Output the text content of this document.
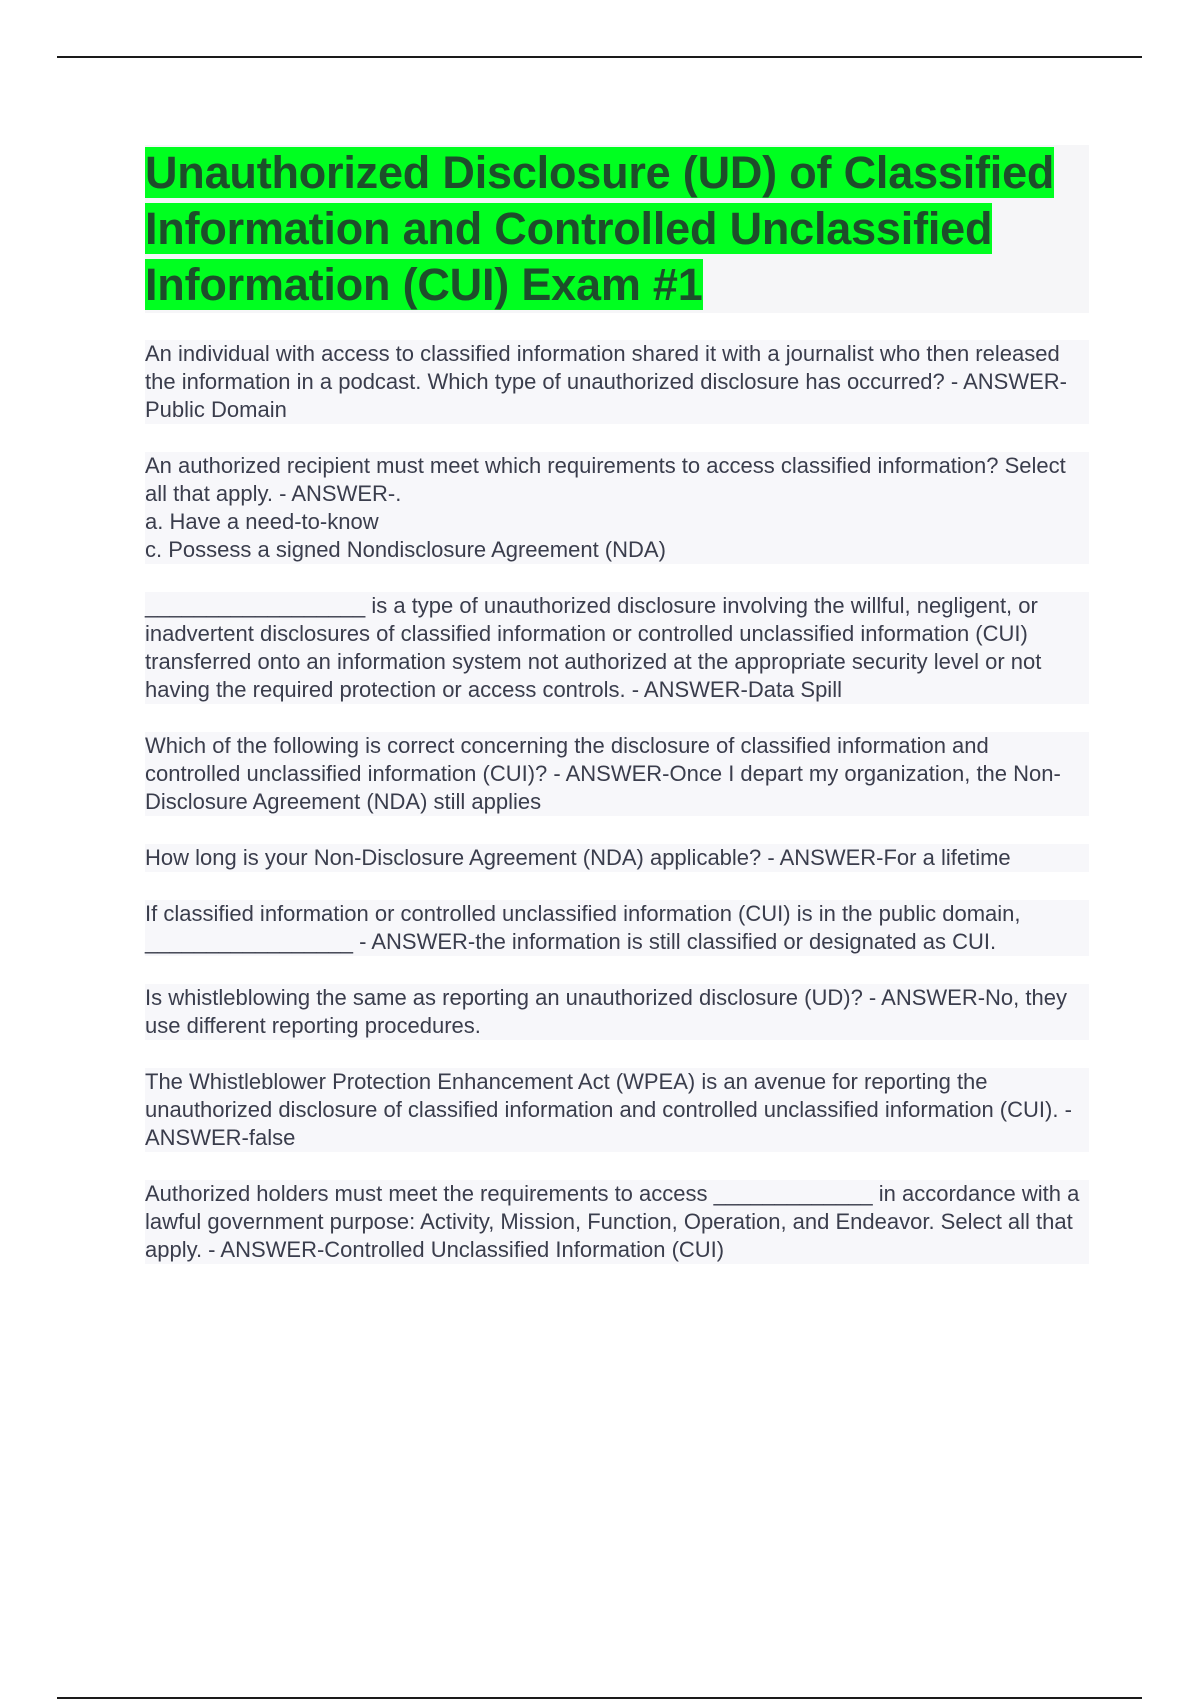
Unauthorized Disclosure (UD) of Classified Information and Controlled Unclassified Information (CUI) Exam #1

An individual with access to classified information shared it with a journalist who then released the information in a podcast. Which type of unauthorized disclosure has occurred? - ANSWER-Public Domain

An authorized recipient must meet which requirements to access classified information? Select all that apply. - ANSWER-.
a. Have a need-to-know
c. Possess a signed Nondisclosure Agreement (NDA)

__________________ is a type of unauthorized disclosure involving the willful, negligent, or inadvertent disclosures of classified information or controlled unclassified information (CUI) transferred onto an information system not authorized at the appropriate security level or not having the required protection or access controls. - ANSWER-Data Spill

Which of the following is correct concerning the disclosure of classified information and controlled unclassified information (CUI)? - ANSWER-Once I depart my organization, the Non-Disclosure Agreement (NDA) still applies

How long is your Non-Disclosure Agreement (NDA) applicable? - ANSWER-For a lifetime

If classified information or controlled unclassified information (CUI) is in the public domain, _________________ - ANSWER-the information is still classified or designated as CUI.

Is whistleblowing the same as reporting an unauthorized disclosure (UD)? - ANSWER-No, they use different reporting procedures.

The Whistleblower Protection Enhancement Act (WPEA) is an avenue for reporting the unauthorized disclosure of classified information and controlled unclassified information (CUI). - ANSWER-false

Authorized holders must meet the requirements to access _____________ in accordance with a lawful government purpose: Activity, Mission, Function, Operation, and Endeavor. Select all that apply. - ANSWER-Controlled Unclassified Information (CUI)
